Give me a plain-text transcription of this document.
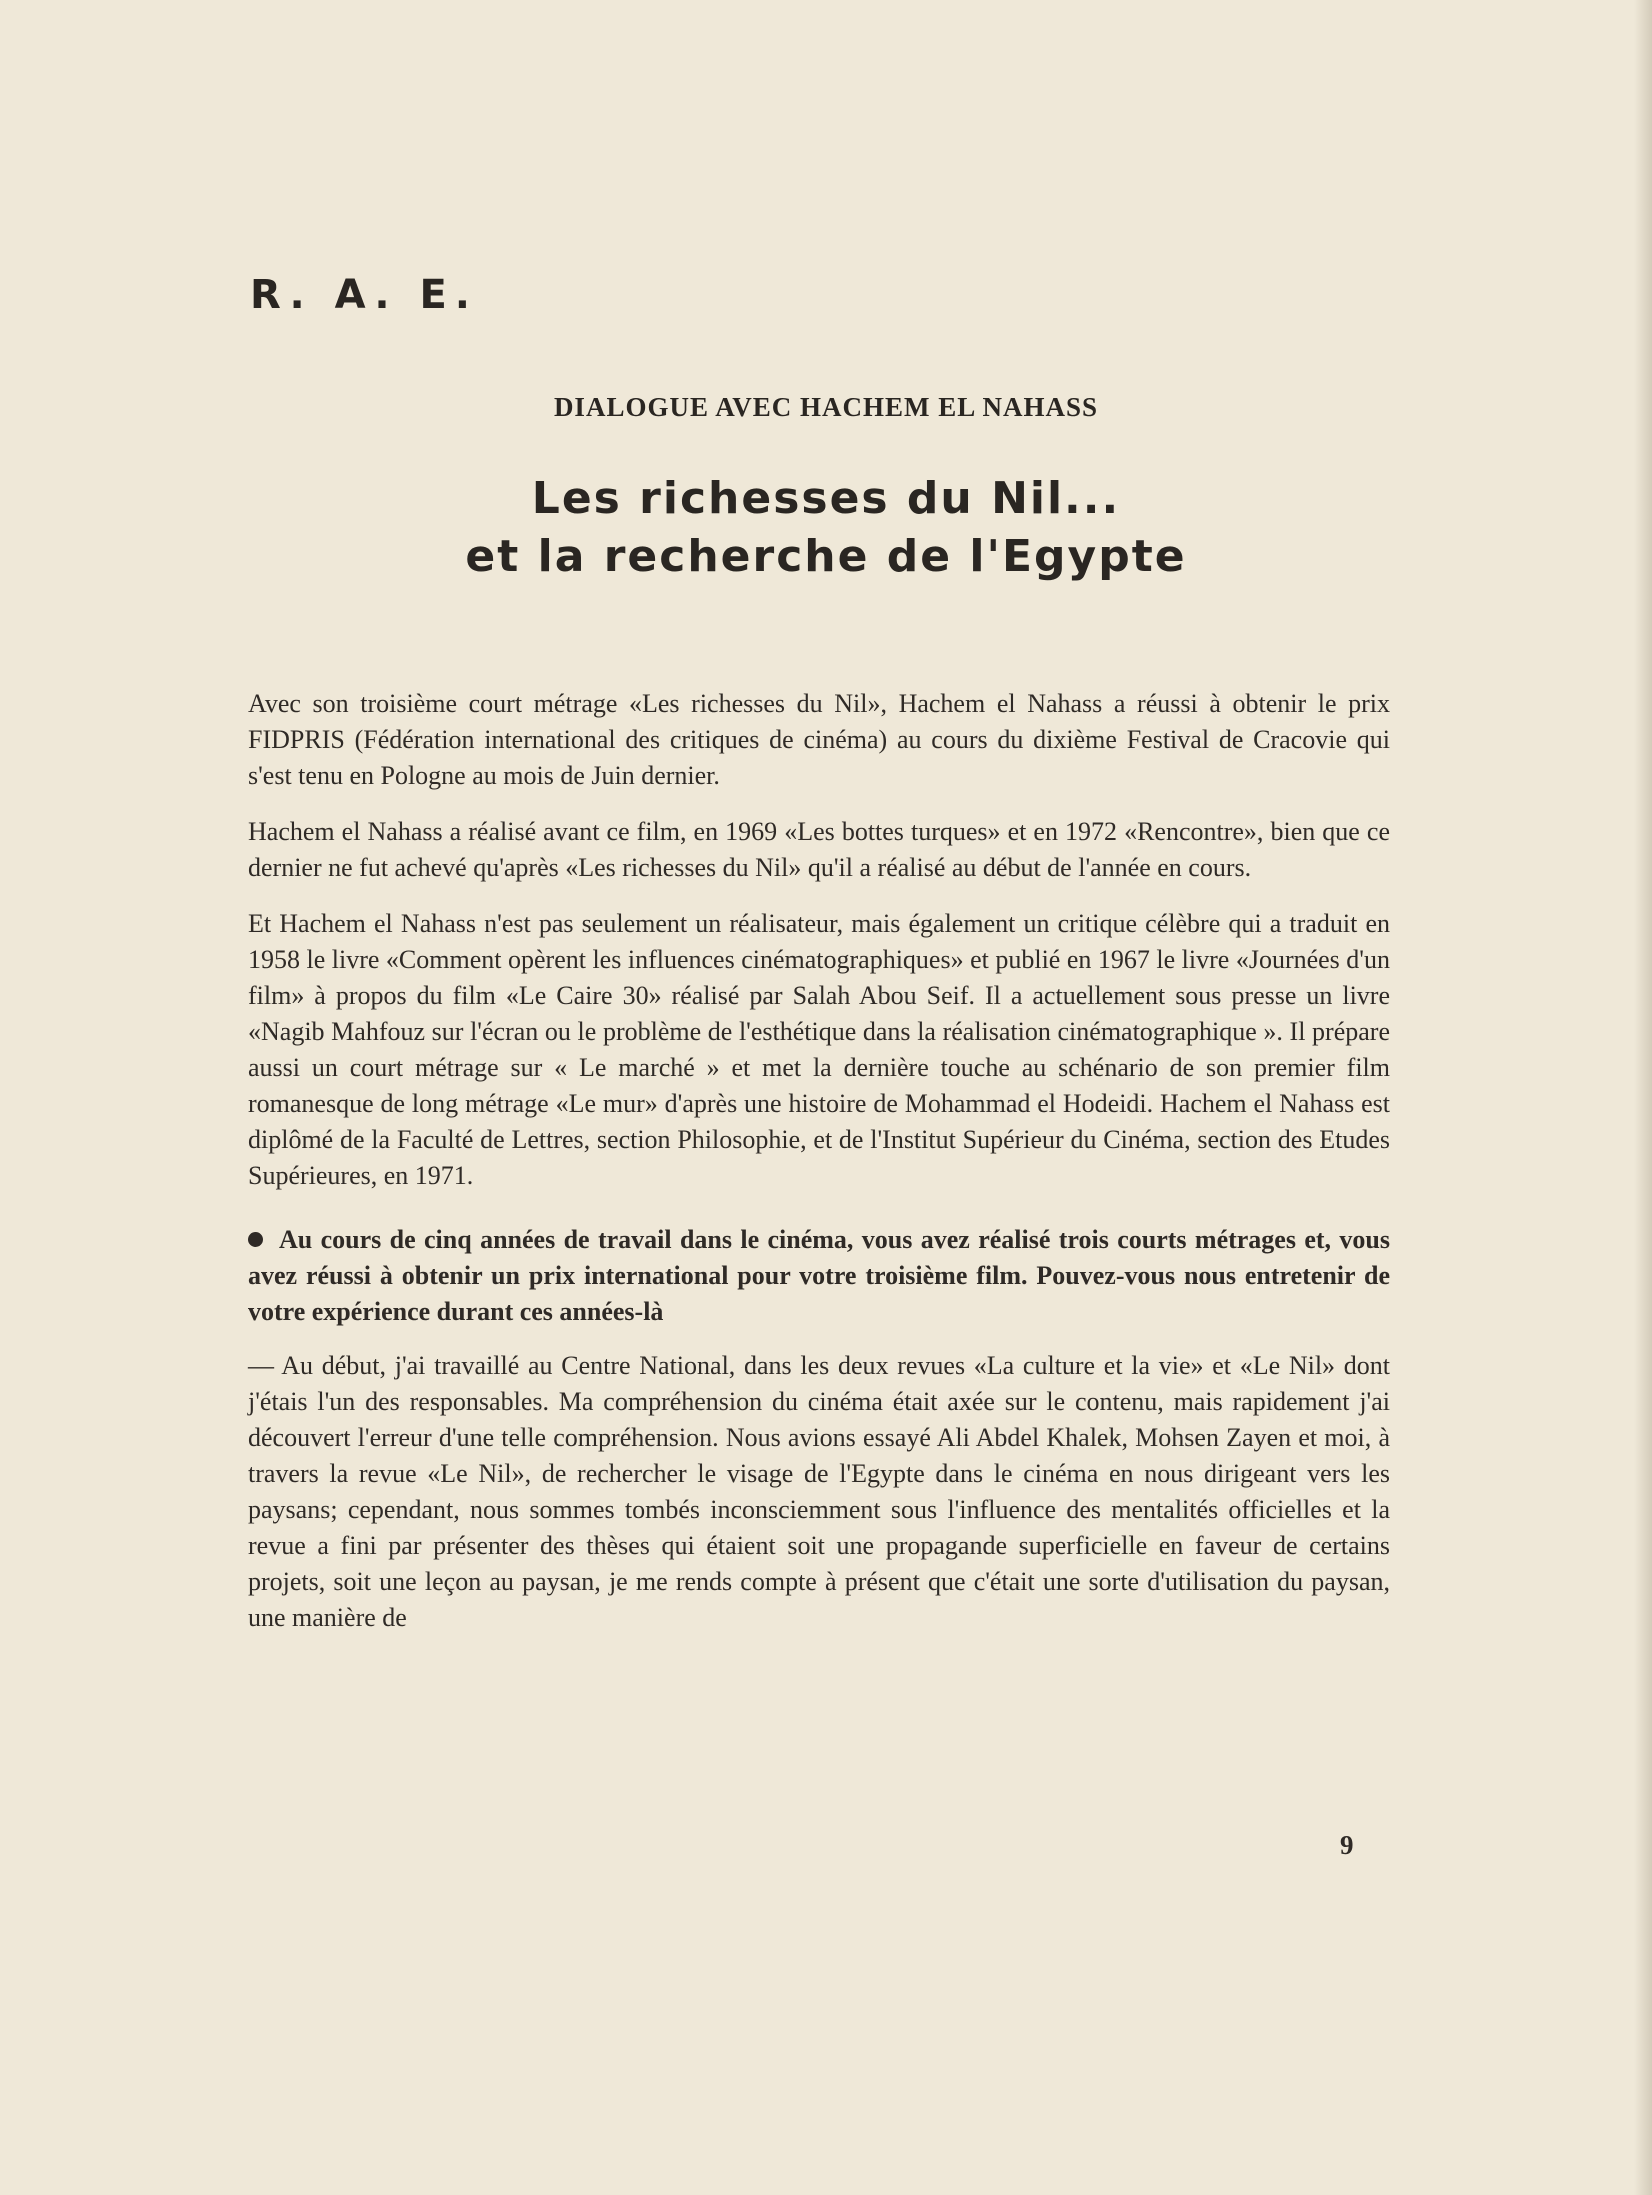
R. A. E.
DIALOGUE AVEC HACHEM EL NAHASS
Les richesses du Nil...
et la recherche de l'Egypte

Avec son troisième court métrage «Les richesses du Nil», Hachem el Nahass a réussi à obtenir le prix FIDPRIS (Fédération international des critiques de cinéma) au cours du dixième Festival de Cracovie qui s'est tenu en Pologne au mois de Juin dernier.

Hachem el Nahass a réalisé avant ce film, en 1969 «Les bottes turques» et en 1972 «Rencontre», bien que ce dernier ne fut achevé qu'après «Les richesses du Nil» qu'il a réalisé au début de l'année en cours.

Et Hachem el Nahass n'est pas seulement un réalisateur, mais également un critique célèbre qui a traduit en 1958 le livre «Comment opèrent les influences cinématographiques» et publié en 1967 le livre «Journées d'un film» à propos du film «Le Caire 30» réalisé par Salah Abou Seif. Il a actuellement sous presse un livre «Nagib Mahfouz sur l'écran ou le problème de l'esthétique dans la réalisation cinématographique ». Il prépare aussi un court métrage sur « Le marché » et met la dernière touche au schénario de son premier film romanesque de long métrage «Le mur» d'après une histoire de Mohammad el Hodeidi. Hachem el Nahass est diplômé de la Faculté de Lettres, section Philosophie, et de l'Institut Supérieur du Cinéma, section des Etudes Supérieures, en 1971.

Au cours de cinq années de travail dans le cinéma, vous avez réalisé trois courts métrages et, vous avez réussi à obtenir un prix international pour votre troisième film. Pouvez-vous nous entretenir de votre expérience durant ces années-là

— Au début, j'ai travaillé au Centre National, dans les deux revues «La culture et la vie» et «Le Nil» dont j'étais l'un des responsables. Ma compréhension du cinéma était axée sur le contenu, mais rapidement j'ai découvert l'erreur d'une telle compréhension. Nous avions essayé Ali Abdel Khalek, Mohsen Zayen et moi, à travers la revue «Le Nil», de rechercher le visage de l'Egypte dans le cinéma en nous dirigeant vers les paysans; cependant, nous sommes tombés inconsciemment sous l'influence des mentalités officielles et la revue a fini par présenter des thèses qui étaient soit une propagande superficielle en faveur de certains projets, soit une leçon au paysan, je me rends compte à présent que c'était une sorte d'utilisation du paysan, une manière de

9
